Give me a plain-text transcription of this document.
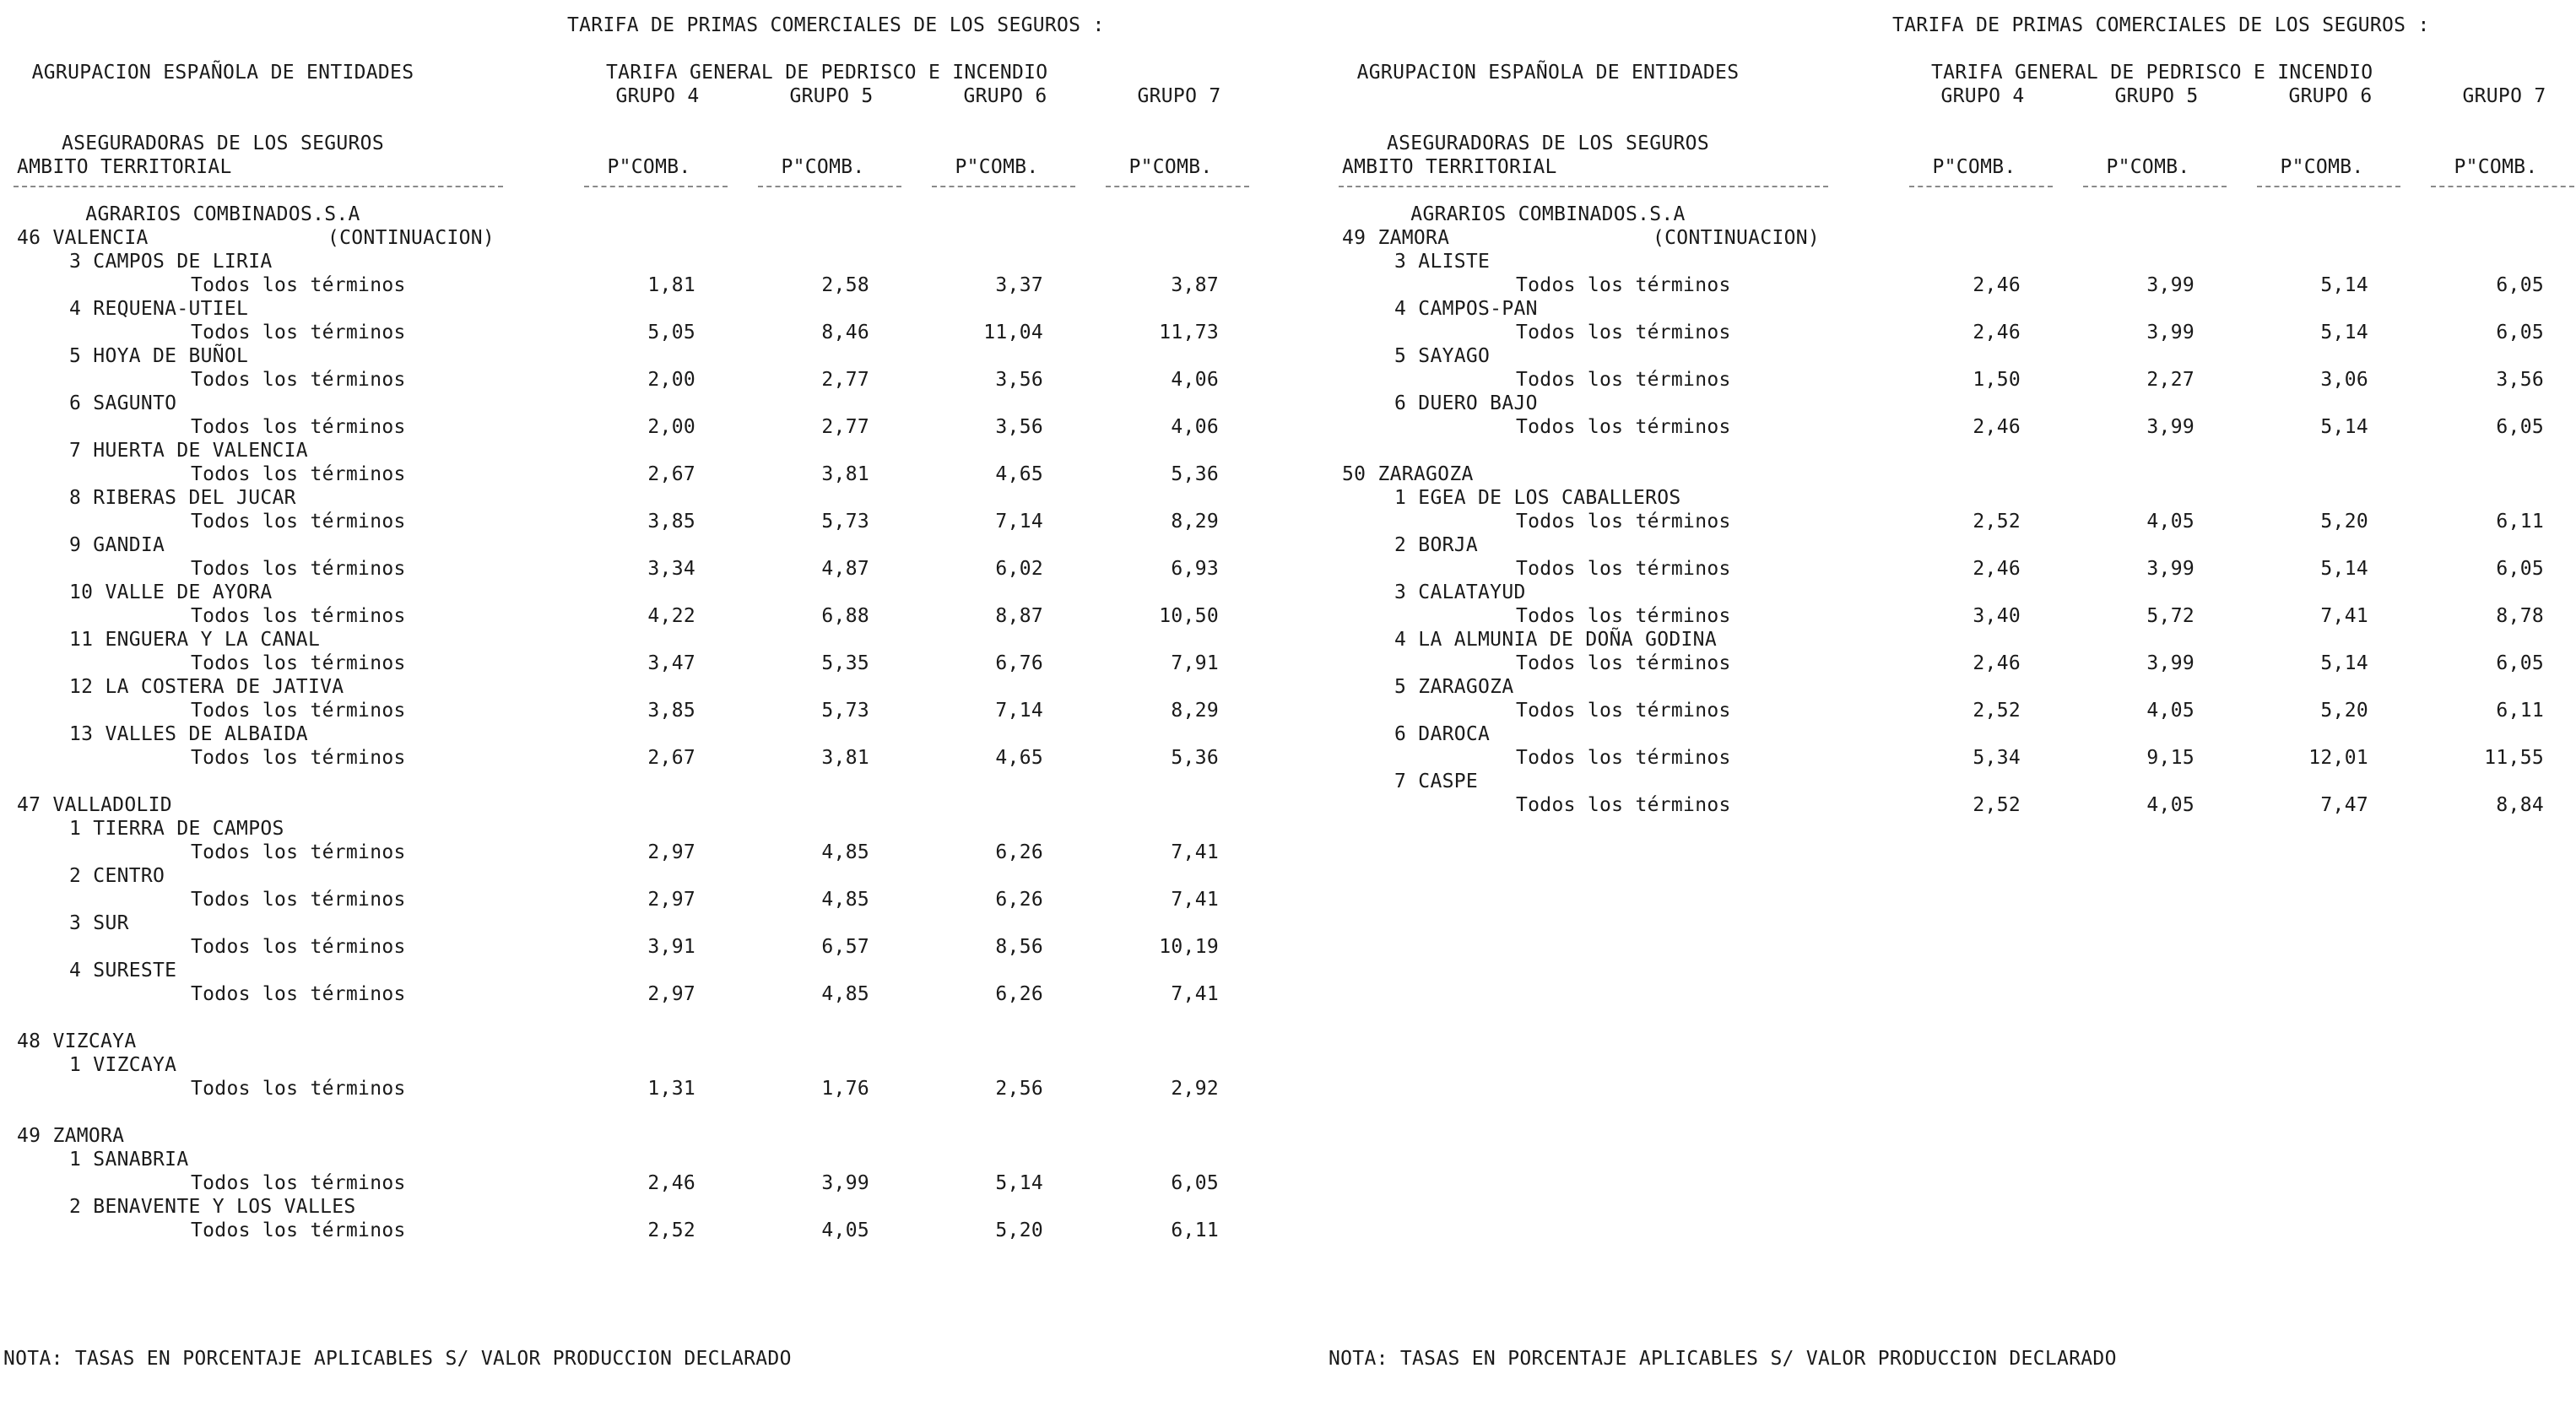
AGRUPACION ESPAÑOLA DE ENTIDADES

ASEGURADORAS DE LOS SEGUROS

AGRARIOS COMBINADOS.S.A

TARIFA DE PRIMAS COMERCIALES DE LOS SEGUROS :
TARIFA GENERAL DE PEDRISCO E INCENDIO
GRUPO 4	GRUPO 5	GRUPO 6	GRUPO 7
AMBITO TERRITORIAL	P"COMB.	P"COMB.	P"COMB.	P"COMB.
46 VALENCIA	(CONTINUACION)
3 CAMPOS DE LIRIA
Todos los términos	1,81	2,58	3,37	3,87
4 REQUENA-UTIEL
Todos los términos	5,05	8,46	11,04	11,73
5 HOYA DE BUÑOL
Todos los términos	2,00	2,77	3,56	4,06
6 SAGUNTO
Todos los términos	2,00	2,77	3,56	4,06
7 HUERTA DE VALENCIA
Todos los términos	2,67	3,81	4,65	5,36
8 RIBERAS DEL JUCAR
Todos los términos	3,85	5,73	7,14	8,29
9 GANDIA
Todos los términos	3,34	4,87	6,02	6,93
10 VALLE DE AYORA
Todos los términos	4,22	6,88	8,87	10,50
11 ENGUERA Y LA CANAL
Todos los términos	3,47	5,35	6,76	7,91
12 LA COSTERA DE JATIVA
Todos los términos	3,85	5,73	7,14	8,29
13 VALLES DE ALBAIDA
Todos los términos	2,67	3,81	4,65	5,36
47 VALLADOLID
1 TIERRA DE CAMPOS
Todos los términos	2,97	4,85	6,26	7,41
2 CENTRO
Todos los términos	2,97	4,85	6,26	7,41
3 SUR
Todos los términos	3,91	6,57	8,56	10,19
4 SURESTE
Todos los términos	2,97	4,85	6,26	7,41
48 VIZCAYA
1 VIZCAYA
Todos los términos	1,31	1,76	2,56	2,92
49 ZAMORA
1 SANABRIA
Todos los términos	2,46	3,99	5,14	6,05
2 BENAVENTE Y LOS VALLES
Todos los términos	2,52	4,05	5,20	6,11
NOTA: TASAS EN PORCENTAJE APLICABLES S/ VALOR PRODUCCION DECLARADO

AGRUPACION ESPAÑOLA DE ENTIDADES

ASEGURADORAS DE LOS SEGUROS

AGRARIOS COMBINADOS.S.A

TARIFA DE PRIMAS COMERCIALES DE LOS SEGUROS :
TARIFA GENERAL DE PEDRISCO E INCENDIO
GRUPO 4	GRUPO 5	GRUPO 6	GRUPO 7
AMBITO TERRITORIAL	P"COMB.	P"COMB.	P"COMB.	P"COMB.
49 ZAMORA	(CONTINUACION)
3 ALISTE
Todos los términos	2,46	3,99	5,14	6,05
4 CAMPOS-PAN
Todos los términos	2,46	3,99	5,14	6,05
5 SAYAGO
Todos los términos	1,50	2,27	3,06	3,56
6 DUERO BAJO
Todos los términos	2,46	3,99	5,14	6,05
50 ZARAGOZA
1 EGEA DE LOS CABALLEROS
Todos los términos	2,52	4,05	5,20	6,11
2 BORJA
Todos los términos	2,46	3,99	5,14	6,05
3 CALATAYUD
Todos los términos	3,40	5,72	7,41	8,78
4 LA ALMUNIA DE DOÑA GODINA
Todos los términos	2,46	3,99	5,14	6,05
5 ZARAGOZA
Todos los términos	2,52	4,05	5,20	6,11
6 DAROCA
Todos los términos	5,34	9,15	12,01	11,55
7 CASPE
Todos los términos	2,52	4,05	7,47	8,84
NOTA: TASAS EN PORCENTAJE APLICABLES S/ VALOR PRODUCCION DECLARADO
